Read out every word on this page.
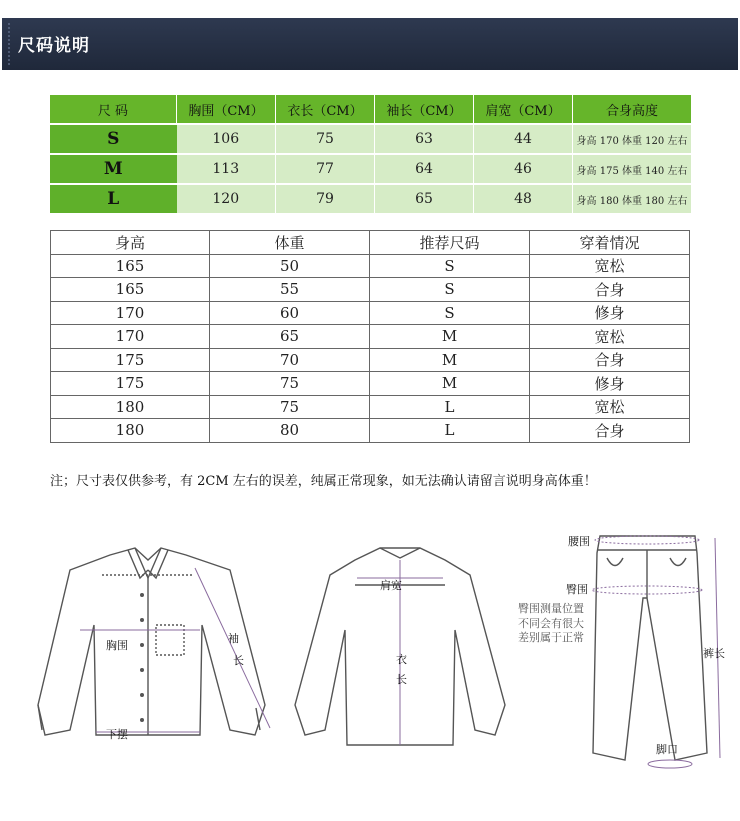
尺码说明
尺 码	胸围（CM）	衣长（CM）	袖长（CM）	肩宽（CM）	合身高度
S	106	75	63	44	身高 170 体重 120 左右
M	113	77	64	46	身高 175 体重 140 左右
L	120	79	65	48	身高 180 体重 180 左右
身高	体重	推荐尺码	穿着情况
165	50	S	宽松
165	55	S	合身
170	60	S	修身
170	65	M	宽松
175	70	M	合身
175	75	M	修身
180	75	L	宽松
180	80	L	合身
注；尺寸表仅供参考，有 2CM 左右的误差，纯属正常现象，如无法确认请留言说明身高体重！
胸围
袖
长
下摆
肩宽
衣
长
腰围
臀围
臀围测量位置
不同会有很大
差别属于正常
裤长
脚口
